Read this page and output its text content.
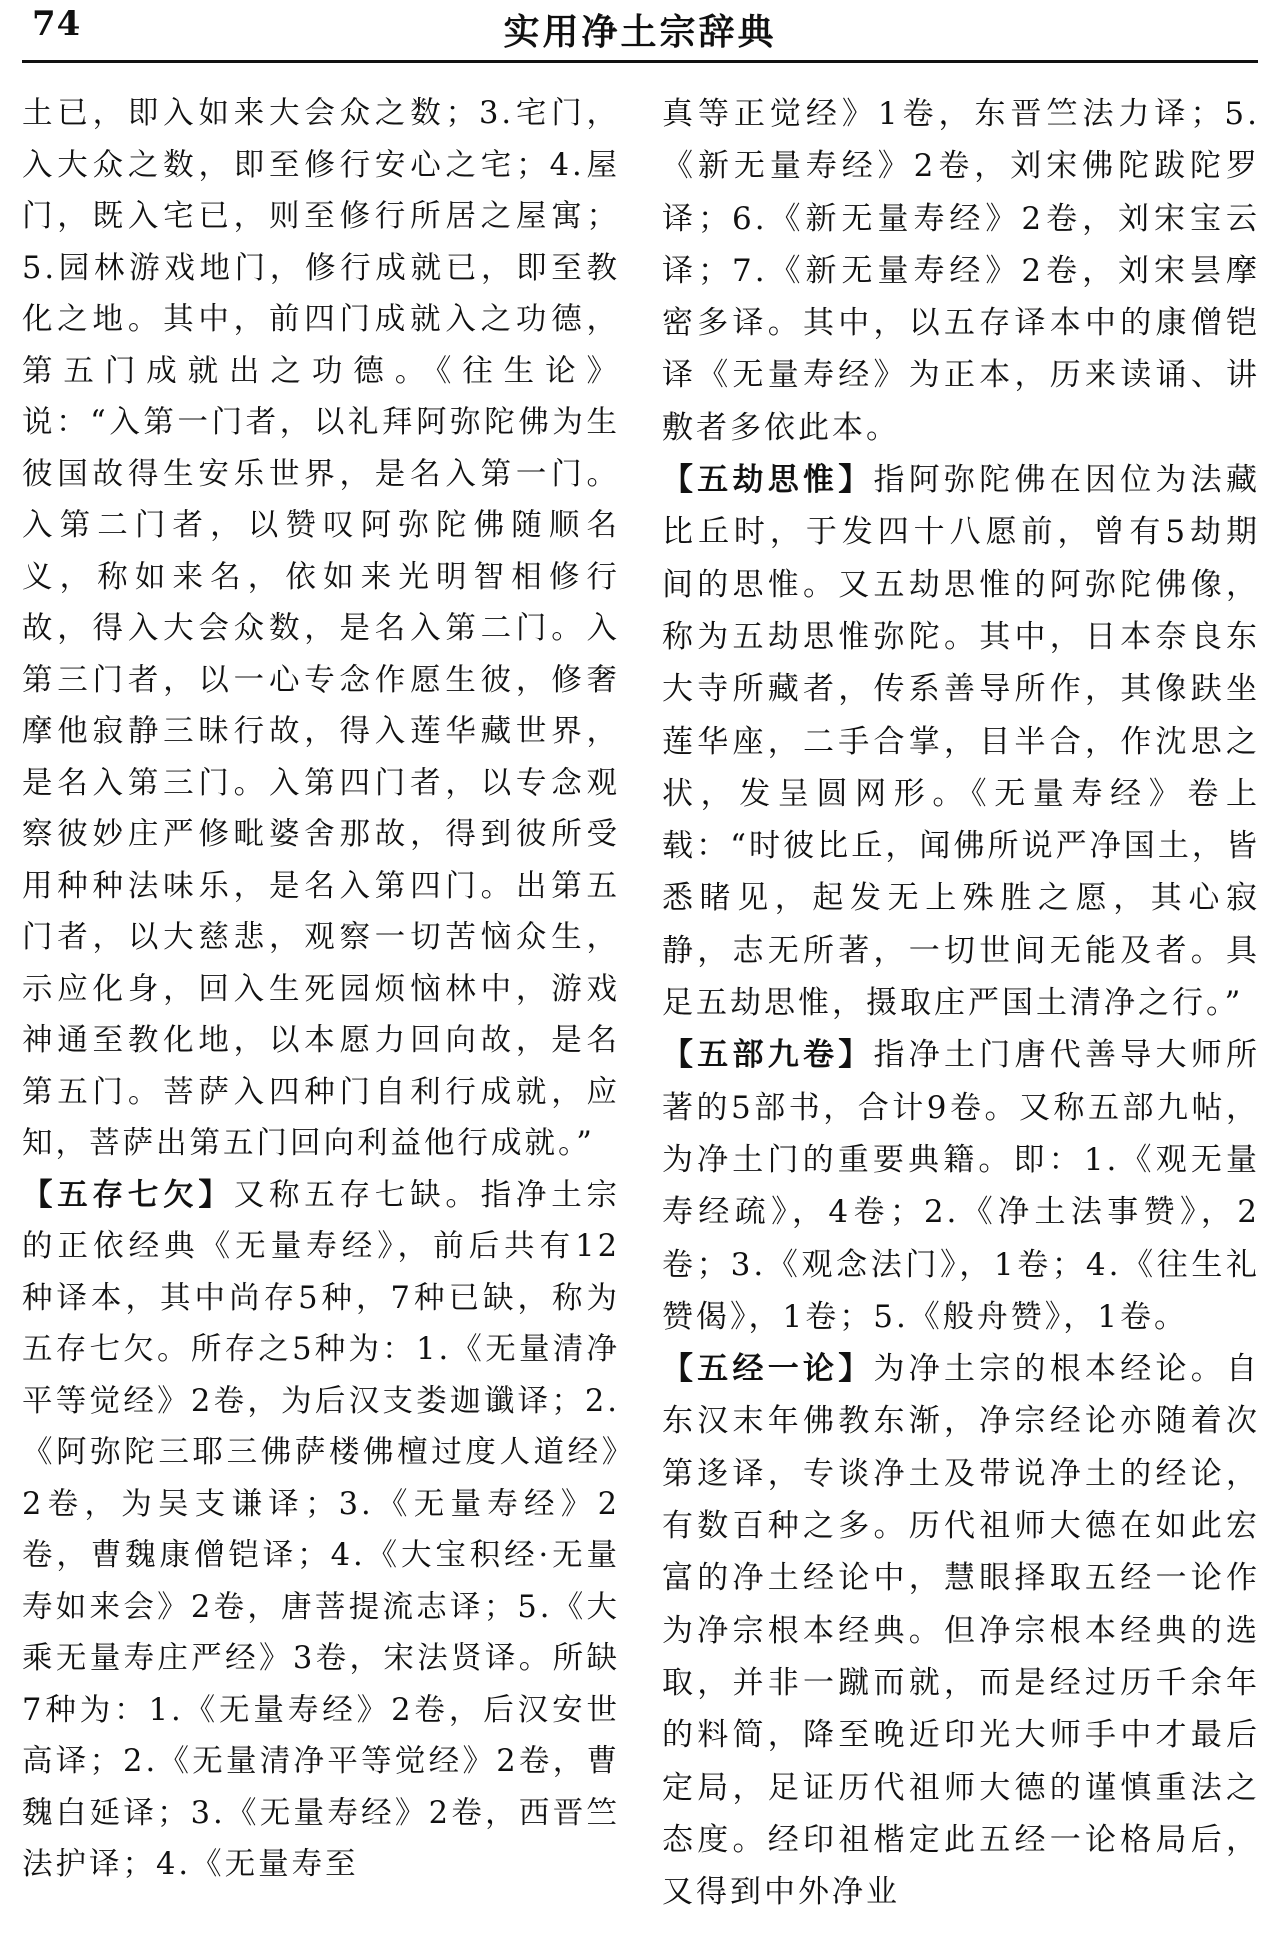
74	实用净土宗辞典

土已，即入如来大会众之数；3.宅门，入大众之数，即至修行安心之宅；4.屋门，既入宅已，则至修行所居之屋寓；5.园林游戏地门，修行成就已，即至教化之地。其中，前四门成就入之功德，第五门成就出之功德。《往生论》说：“入第一门者，以礼拜阿弥陀佛为生彼国故得生安乐世界，是名入第一门。入第二门者，以赞叹阿弥陀佛随顺名义，称如来名，依如来光明智相修行故，得入大会众数，是名入第二门。入第三门者，以一心专念作愿生彼，修奢摩他寂静三昧行故，得入莲华藏世界，是名入第三门。入第四门者，以专念观察彼妙庄严修毗婆舍那故，得到彼所受用种种法味乐，是名入第四门。出第五门者，以大慈悲，观察一切苦恼众生，示应化身，回入生死园烦恼林中，游戏神通至教化地，以本愿力回向故，是名第五门。菩萨入四种门自利行成就，应知，菩萨出第五门回向利益他行成就。”

【五存七欠】又称五存七缺。指净土宗的正依经典《无量寿经》，前后共有12种译本，其中尚存5种，7种已缺，称为五存七欠。所存之5种为：1.《无量清净平等觉经》2卷，为后汉支娄迦谶译；2.《阿弥陀三耶三佛萨楼佛檀过度人道经》2卷，为吴支谦译；3.《无量寿经》2卷，曹魏康僧铠译；4.《大宝积经·无量寿如来会》2卷，唐菩提流志译；5.《大乘无量寿庄严经》3卷，宋法贤译。所缺7种为：1.《无量寿经》2卷，后汉安世高译；2.《无量清净平等觉经》2卷，曹魏白延译；3.《无量寿经》2卷，西晋竺法护译；4.《无量寿至

真等正觉经》1卷，东晋竺法力译；5.《新无量寿经》2卷，刘宋佛陀跋陀罗译；6.《新无量寿经》2卷，刘宋宝云译；7.《新无量寿经》2卷，刘宋昙摩密多译。其中，以五存译本中的康僧铠译《无量寿经》为正本，历来读诵、讲敷者多依此本。

【五劫思惟】指阿弥陀佛在因位为法藏比丘时，于发四十八愿前，曾有5劫期间的思惟。又五劫思惟的阿弥陀佛像，称为五劫思惟弥陀。其中，日本奈良东大寺所藏者，传系善导所作，其像趺坐莲华座，二手合掌，目半合，作沈思之状，发呈圆网形。《无量寿经》卷上载：“时彼比丘，闻佛所说严净国土，皆悉睹见，起发无上殊胜之愿，其心寂静，志无所著，一切世间无能及者。具足五劫思惟，摄取庄严国土清净之行。”

【五部九卷】指净土门唐代善导大师所著的5部书，合计9卷。又称五部九帖，为净土门的重要典籍。即：1.《观无量寿经疏》，4卷；2.《净土法事赞》，2卷；3.《观念法门》，1卷；4.《往生礼赞偈》，1卷；5.《般舟赞》，1卷。

【五经一论】为净土宗的根本经论。自东汉末年佛教东渐，净宗经论亦随着次第迻译，专谈净土及带说净土的经论，有数百种之多。历代祖师大德在如此宏富的净土经论中，慧眼择取五经一论作为净宗根本经典。但净宗根本经典的选取，并非一蹴而就，而是经过历千余年的料简，降至晚近印光大师手中才最后定局，足证历代祖师大德的谨慎重法之态度。经印祖楷定此五经一论格局后，又得到中外净业
